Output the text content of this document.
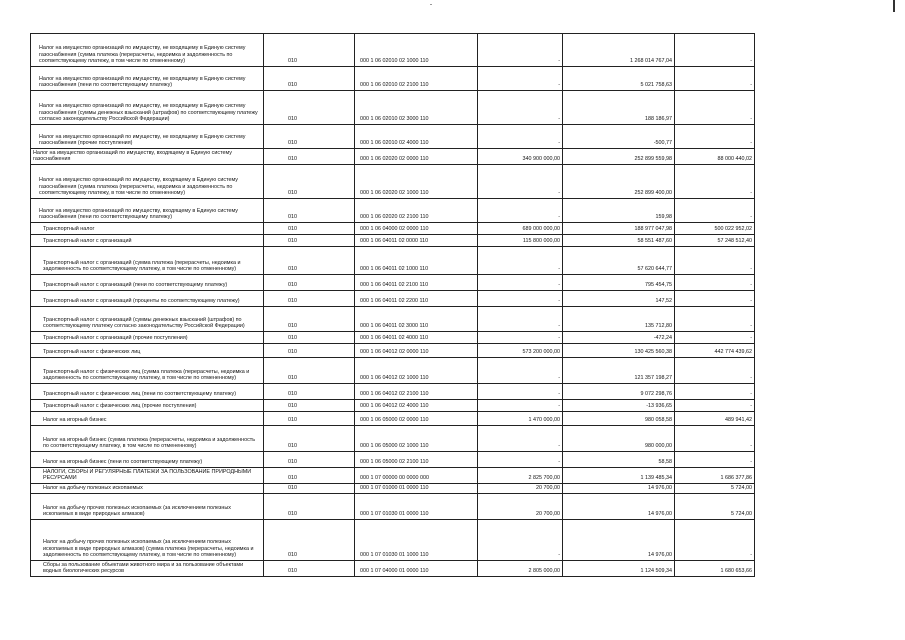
Налог на имущество организаций по имуществу, не входящему в Единую систему газоснабжения (сумма платежа (перерасчеты, недоимка и задолженность по соответствующему платежу, в том числе по отмененному)	010	000 1 06 02010 02 1000 110	-	1 268 014 767,04	-
Налог на имущество организаций по имуществу, не входящему в Единую систему газоснабжения (пени по соответствующему платежу)	010	000 1 06 02010 02 2100 110	-	5 021 758,63	-
Налог на имущество организаций по имуществу, не входящему в Единую систему газоснабжения (суммы денежных взысканий (штрафов) по соответствующему платежу согласно законодательству Российской Федерации)	010	000 1 06 02010 02 3000 110	-	188 186,97	-
Налог на имущество организаций по имуществу, не входящему в Единую систему газоснабжения (прочие поступления)	010	000 1 06 02010 02 4000 110	-	-500,77	-
Налог на имущество организаций по имуществу, входящему в Единую систему газоснабжения	010	000 1 06 02020 02 0000 110	340 900 000,00	252 899 559,98	88 000 440,02
Налог на имущество организаций по имуществу, входящему в Единую систему газоснабжения (сумма платежа (перерасчеты, недоимка и задолженность по соответствующему платежу, в том числе по отмененному)	010	000 1 06 02020 02 1000 110	-	252 899 400,00	-
Налог на имущество организаций по имуществу, входящему в Единую систему газоснабжения (пени по соответствующему платежу)	010	000 1 06 02020 02 2100 110	-	159,98	-
Транспортный налог	010	000 1 06 04000 02 0000 110	689 000 000,00	188 977 047,98	500 022 952,02
Транспортный налог с организаций	010	000 1 06 04011 02 0000 110	115 800 000,00	58 551 487,60	57 248 512,40
Транспортный налог с организаций (сумма платежа (перерасчеты, недоимка и задолженность по соответствующему платежу, в том числе по отмененному)	010	000 1 06 04011 02 1000 110	-	57 620 644,77	-
Транспортный налог с организаций (пени по соответствующему платежу)	010	000 1 06 04011 02 2100 110	-	795 454,75	-
Транспортный налог с организаций (проценты по соответствующему платежу)	010	000 1 06 04011 02 2200 110	-	147,52	-
Транспортный налог с организаций (суммы денежных взысканий (штрафов) по соответствующему платежу согласно законодательству Российской Федерации)	010	000 1 06 04011 02 3000 110	-	135 712,80	-
Транспортный налог с организаций (прочие поступления)	010	000 1 06 04011 02 4000 110	-	-472,24	-
Транспортный налог с физических лиц	010	000 1 06 04012 02 0000 110	573 200 000,00	130 425 560,38	442 774 439,62
Транспортный налог с физических лиц (сумма платежа (перерасчеты, недоимка и задолженность по соответствующему платежу, в том числе по отмененному)	010	000 1 06 04012 02 1000 110	-	121 357 198,27	-
Транспортный налог с физических лиц (пени по соответствующему платежу)	010	000 1 06 04012 02 2100 110	-	9 072 298,76	-
Транспортный налог с физических лиц (прочие поступления)	010	000 1 06 04012 02 4000 110	-	-13 936,65	-
Налог на игорный бизнес	010	000 1 06 05000 02 0000 110	1 470 000,00	980 058,58	489 941,42
Налог на игорный бизнес (сумма платежа (перерасчеты, недоимка и задолженность по соответствующему платежу, в том числе по отмененному)	010	000 1 06 05000 02 1000 110	-	980 000,00	-
Налог на игорный бизнес (пени по соответствующему платежу)	010	000 1 06 05000 02 2100 110	-	58,58	-
НАЛОГИ, СБОРЫ И РЕГУЛЯРНЫЕ ПЛАТЕЖИ ЗА ПОЛЬЗОВАНИЕ ПРИРОДНЫМИ РЕСУРСАМИ	010	000 1 07 00000 00 0000 000	2 825 700,00	1 139 485,34	1 686 377,86
Налог на добычу полезных ископаемых	010	000 1 07 01000 01 0000 110	20 700,00	14 976,00	5 724,00
Налог на добычу прочих полезных ископаемых (за исключением полезных ископаемых в виде природных алмазов)	010	000 1 07 01030 01 0000 110	20 700,00	14 976,00	5 724,00
Налог на добычу прочих полезных ископаемых (за исключением полезных ископаемых в виде природных алмазов) (сумма платежа (перерасчеты, недоимка и задолженность по соответствующему платежу, в том числе по отмененному)	010	000 1 07 01030 01 1000 110	-	14 976,00	-
Сборы за пользование объектами животного мира и за пользование объектами водных биологических ресурсов	010	000 1 07 04000 01 0000 110	2 805 000,00	1 124 509,34	1 680 653,66
